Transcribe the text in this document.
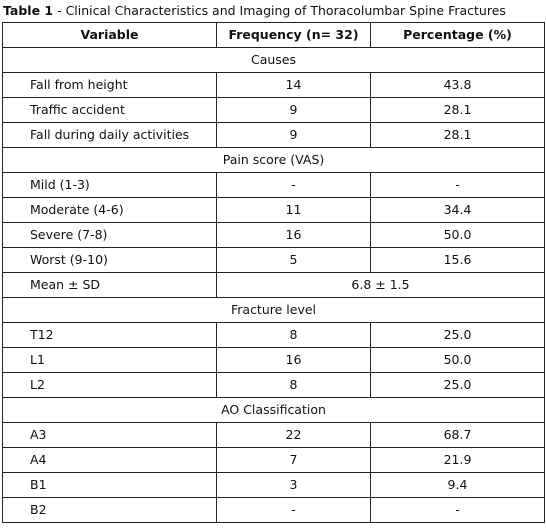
Table 1 - Clinical Characteristics and Imaging of Thoracolumbar Spine Fractures
Variable	Frequency (n= 32)	Percentage (%)
Causes		
Fall from height	14	43.8
Traffic accident	9	28.1
Fall during daily activities	9	28.1
Pain score (VAS)		
Mild (1-3)	-	-
Moderate (4-6)	11	34.4
Severe (7-8)	16	50.0
Worst (9-10)	5	15.6
Mean ± SD	6.8 ± 1.5	
Fracture level		
T12	8	25.0
L1	16	50.0
L2	8	25.0
AO Classification		
A3	22	68.7
A4	7	21.9
B1	3	9.4
B2	-	-
